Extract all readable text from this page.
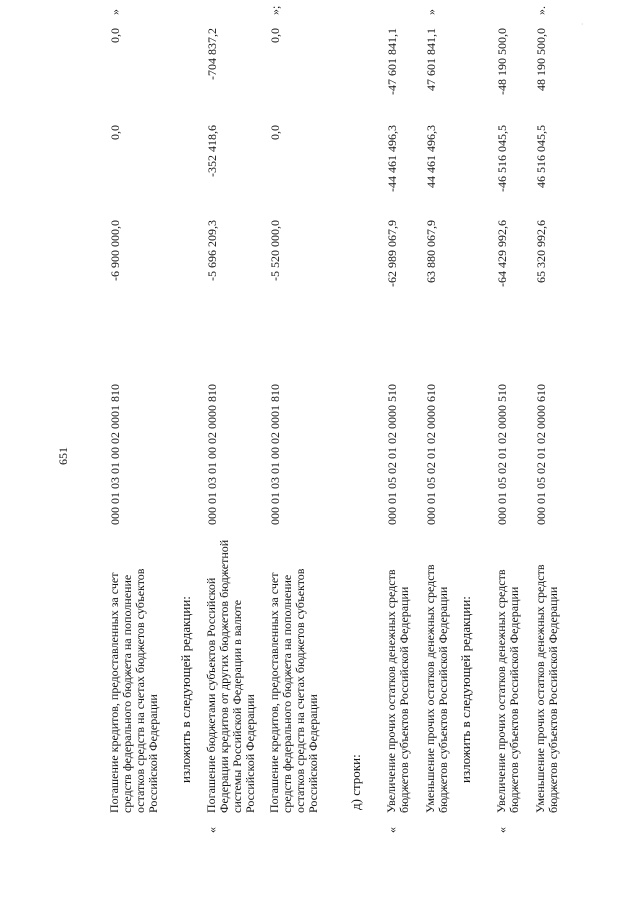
651
Погашение кредитов, предоставленных за счет средств федерального бюджета на пополнение остатков средств на счетах бюджетов субъектов Российской Федерации
000 01 03 01 00 02 0001 810
-6 900 000,0
0,0
0,0
»
изложить в следующей редакции:
«
Погашение бюджетами субъектов Российской Федерации кредитов от других бюджетов бюджетной системы Российской Федерации в валюте Российской Федерации
000 01 03 01 00 02 0000 810
-5 696 209,3
-352 418,6
-704 837,2
Погашение кредитов, предоставленных за счет средств федерального бюджета на пополнение остатков средств на счетах бюджетов субъектов Российской Федерации
000 01 03 01 00 02 0001 810
-5 520 000,0
0,0
0,0
»;
д) строки:
«
Увеличение прочих остатков денежных средств бюджетов субъектов Российской Федерации
000 01 05 02 01 02 0000 510
-62 989 067,9
-44 461 496,3
-47 601 841,1
Уменьшение прочих остатков денежных средств бюджетов субъектов Российской Федерации
000 01 05 02 01 02 0000 610
63 880 067,9
44 461 496,3
47 601 841,1
»
изложить в следующей редакции:
«
Увеличение прочих остатков денежных средств бюджетов субъектов Российской Федерации
000 01 05 02 01 02 0000 510
-64 429 992,6
-46 516 045,5
-48 190 500,0
Уменьшение прочих остатков денежных средств бюджетов субъектов Российской Федерации
000 01 05 02 01 02 0000 610
65 320 992,6
46 516 045,5
48 190 500,0
».
·
